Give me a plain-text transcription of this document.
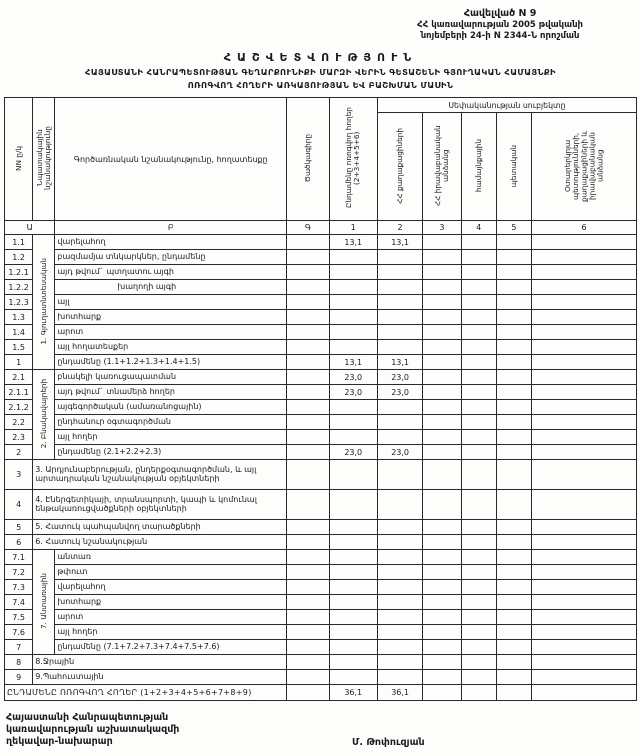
Հավելված N 9
ՀՀ կառավարության 2005 թվականի
նոյեմբերի 24-ի N 2344-Ն որոշման
ՀԱՇՎԵՏՎՈՒԹՅՈՒՆ
ՀԱՅԱՍՏԱՆԻ ՀԱՆՐԱՊԵՏՈՒԹՅԱՆ ԳԵՂԱՐՔՈՒՆԻՔԻ ՄԱՐԶԻ ՎԵՐԻՆ ԳԵՏԱՇԵՆԻ ԳՅՈՒՂԱԿԱՆ ՀԱՄԱՅՆՔԻ
ՈՌՈԳՎՈՂ ՀՈՂԵՐԻ ԱՌԿԱՅՈՒԹՅԱՆ ԵՎ ԲԱՇԽՄԱՆ ՄԱՍԻՆ
NN ը/կ	Նպատակային նշանակությունը	Գործառնական նշանակությունը, հողատեսքը	Ծածկագիրը	Ընդամենը ոռոգվող հողեր (2+3+4+5+6)	Սեփականության սուբյեկտը				
					ՀՀ քաղաքացիների	ՀՀ իրավաբանական անձանց	համայնքային	պետական	Օտարերկրյա պետությունների, քաղաքացիների և իրավաբանական անձանց
Ա		Բ	Գ	1	2	3	4	5	6
1.1	1. Գյուղատնտեսական	վարելահող		13,1	13,1				
1.2		բազմամյա տնկարկներ, ընդամենը							
1.2.1		այդ թվում` պտղատու այգի							
1.2.2		խաղողի այգի							
1.2.3		այլ							
1.3		խոտհարք							
1.4		արոտ							
1.5		այլ հողատեսքեր							
1		ընդամենը (1.1+1.2+1.3+1.4+1.5)		13,1	13,1				
2.1	2. Բնակավայրերի	բնակելի կառուցապատման		23,0	23,0				
2.1.1		այդ թվում` տնամերձ հողեր		23,0	23,0				
2.1.2		այգեգործական (ամառանոցային)							
2.2		ընդհանուր օգտագործման							
2.3		այլ հողեր							
2		ընդամենը (2.1+2.2+2.3)		23,0	23,0				
3	3. Արդյունաբերության, ընդերքօգտագործման, և այլ արտադրական նշանակության օբյեկտների								
4	4. Էներգետիկայի, տրանսպորտի, կապի և կոմունալ ենթակառուցվածքների օբյեկտների								
5	5. Հատուկ պահպանվող տարածքների								
6	6. Հատուկ նշանակության								
7.1	7. Անտառային	անտառ							
7.2		թփուտ							
7.3		վարելահող							
7.4		խոտհարք							
7.5		արոտ							
7.6		այլ հողեր							
7		ընդամենը (7.1+7.2+7.3+7.4+7.5+7.6)							
8	8.Ջրային								
9	9.Պահուստային								
ԸՆԴԱՄԵՆԸ ՈՌՈԳՎՈՂ ՀՈՂԵՐ (1+2+3+4+5+6+7+8+9)				36,1	36,1				
Հայաստանի Հանրապետության
կառավարության աշխատակազմի
ղեկավար-նախարար	Մ. Թոփուզյան
